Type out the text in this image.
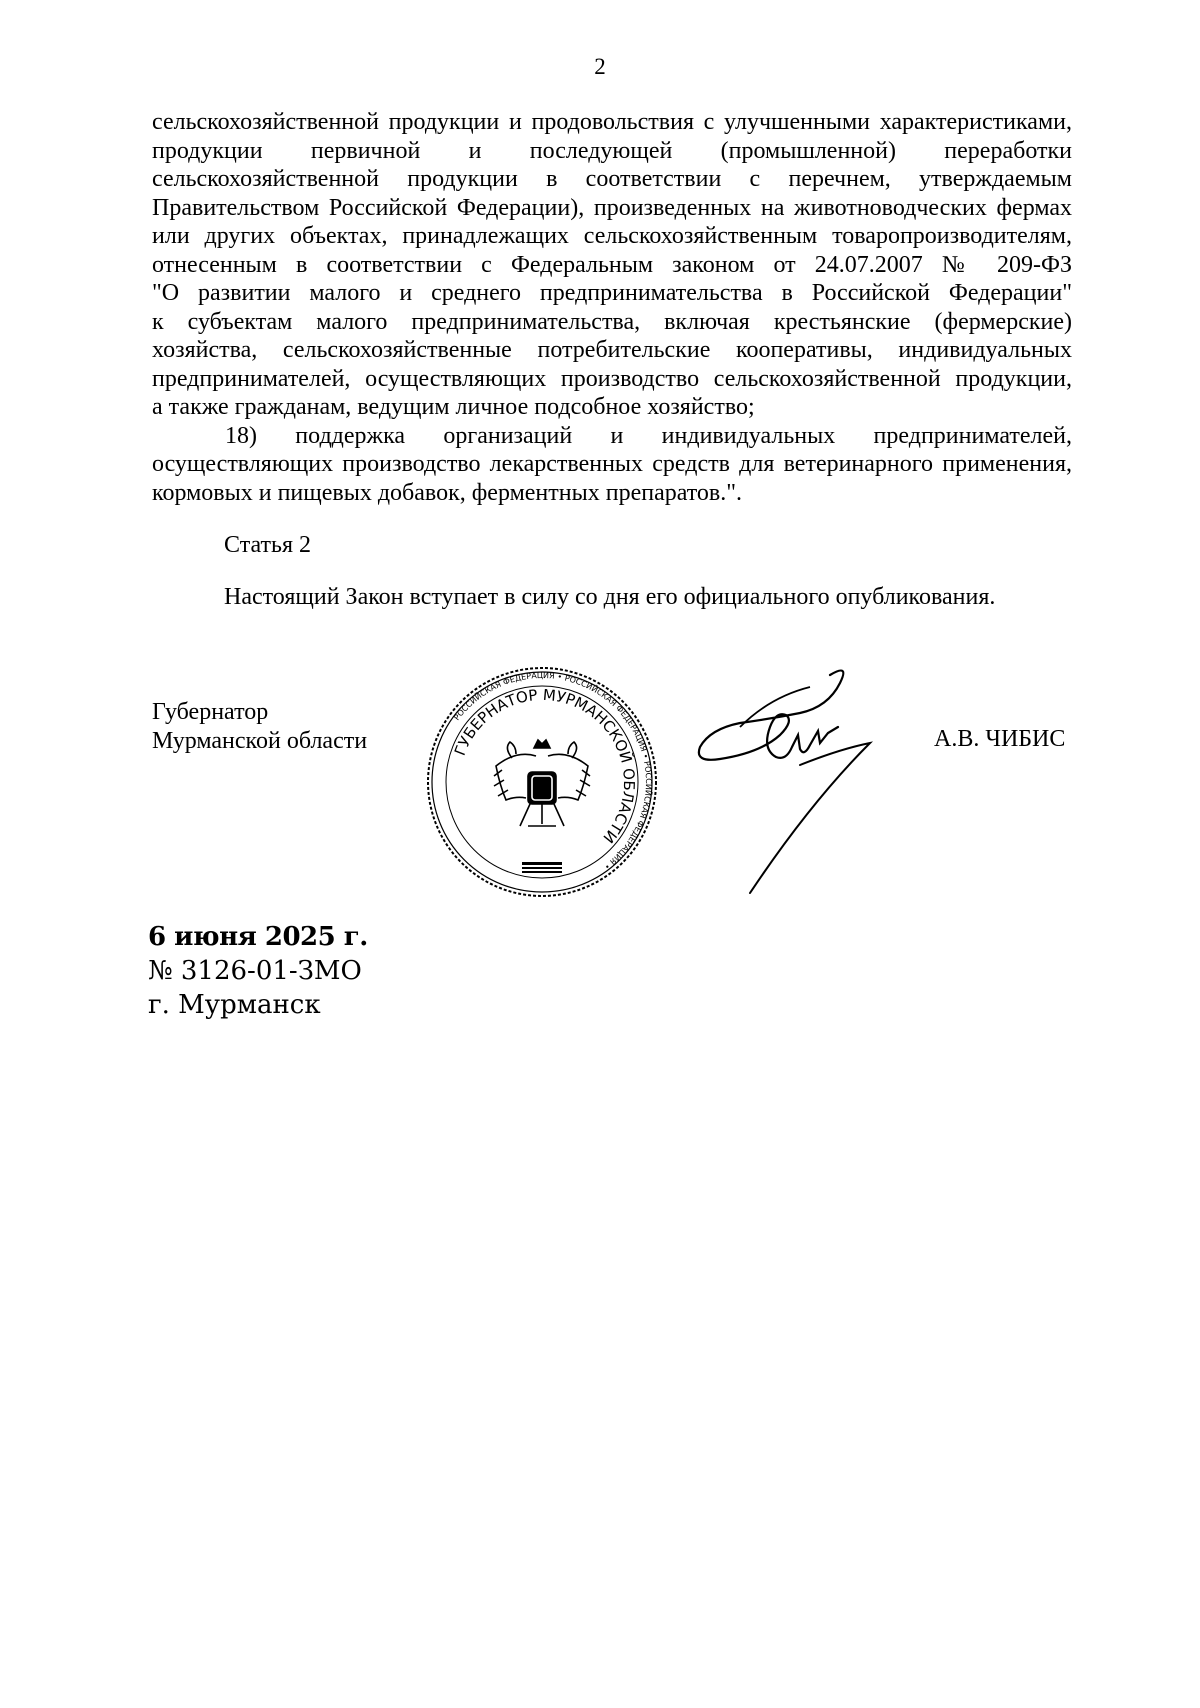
2
сельскохозяйственной продукции и продовольствия с улучшенными характеристиками,
продукции первичной и последующей (промышленной) переработки
сельскохозяйственной продукции в соответствии с перечнем, утверждаемым
Правительством Российской Федерации), произведенных на животноводческих фермах
или других объектах, принадлежащих сельскохозяйственным товаропроизводителям,
отнесенным в соответствии с Федеральным законом от 24.07.2007 № 209-ФЗ
"О развитии малого и среднего предпринимательства в Российской Федерации"
к субъектам малого предпринимательства, включая крестьянские (фермерские)
хозяйства, сельскохозяйственные потребительские кооперативы, индивидуальных
предпринимателей, осуществляющих производство сельскохозяйственной продукции,
а также гражданам, ведущим личное подсобное хозяйство;
18) поддержка организаций и индивидуальных предпринимателей,
осуществляющих производство лекарственных средств для ветеринарного применения,
кормовых и пищевых добавок, ферментных препаратов.".
Статья 2
Настоящий Закон вступает в силу со дня его официального опубликования.
Губернатор
Мурманской области
РОССИЙСКАЯ ФЕДЕРАЦИЯ • РОССИЙСКАЯ ФЕДЕРАЦИЯ • РОССИЙСКАЯ ФЕДЕРАЦИЯ •
ГУБЕРНАТОР МУРМАНСКОЙ ОБЛАСТИ
А.В. ЧИБИС
6 июня 2025 г.
№ 3126-01-ЗМО
г. Мурманск
